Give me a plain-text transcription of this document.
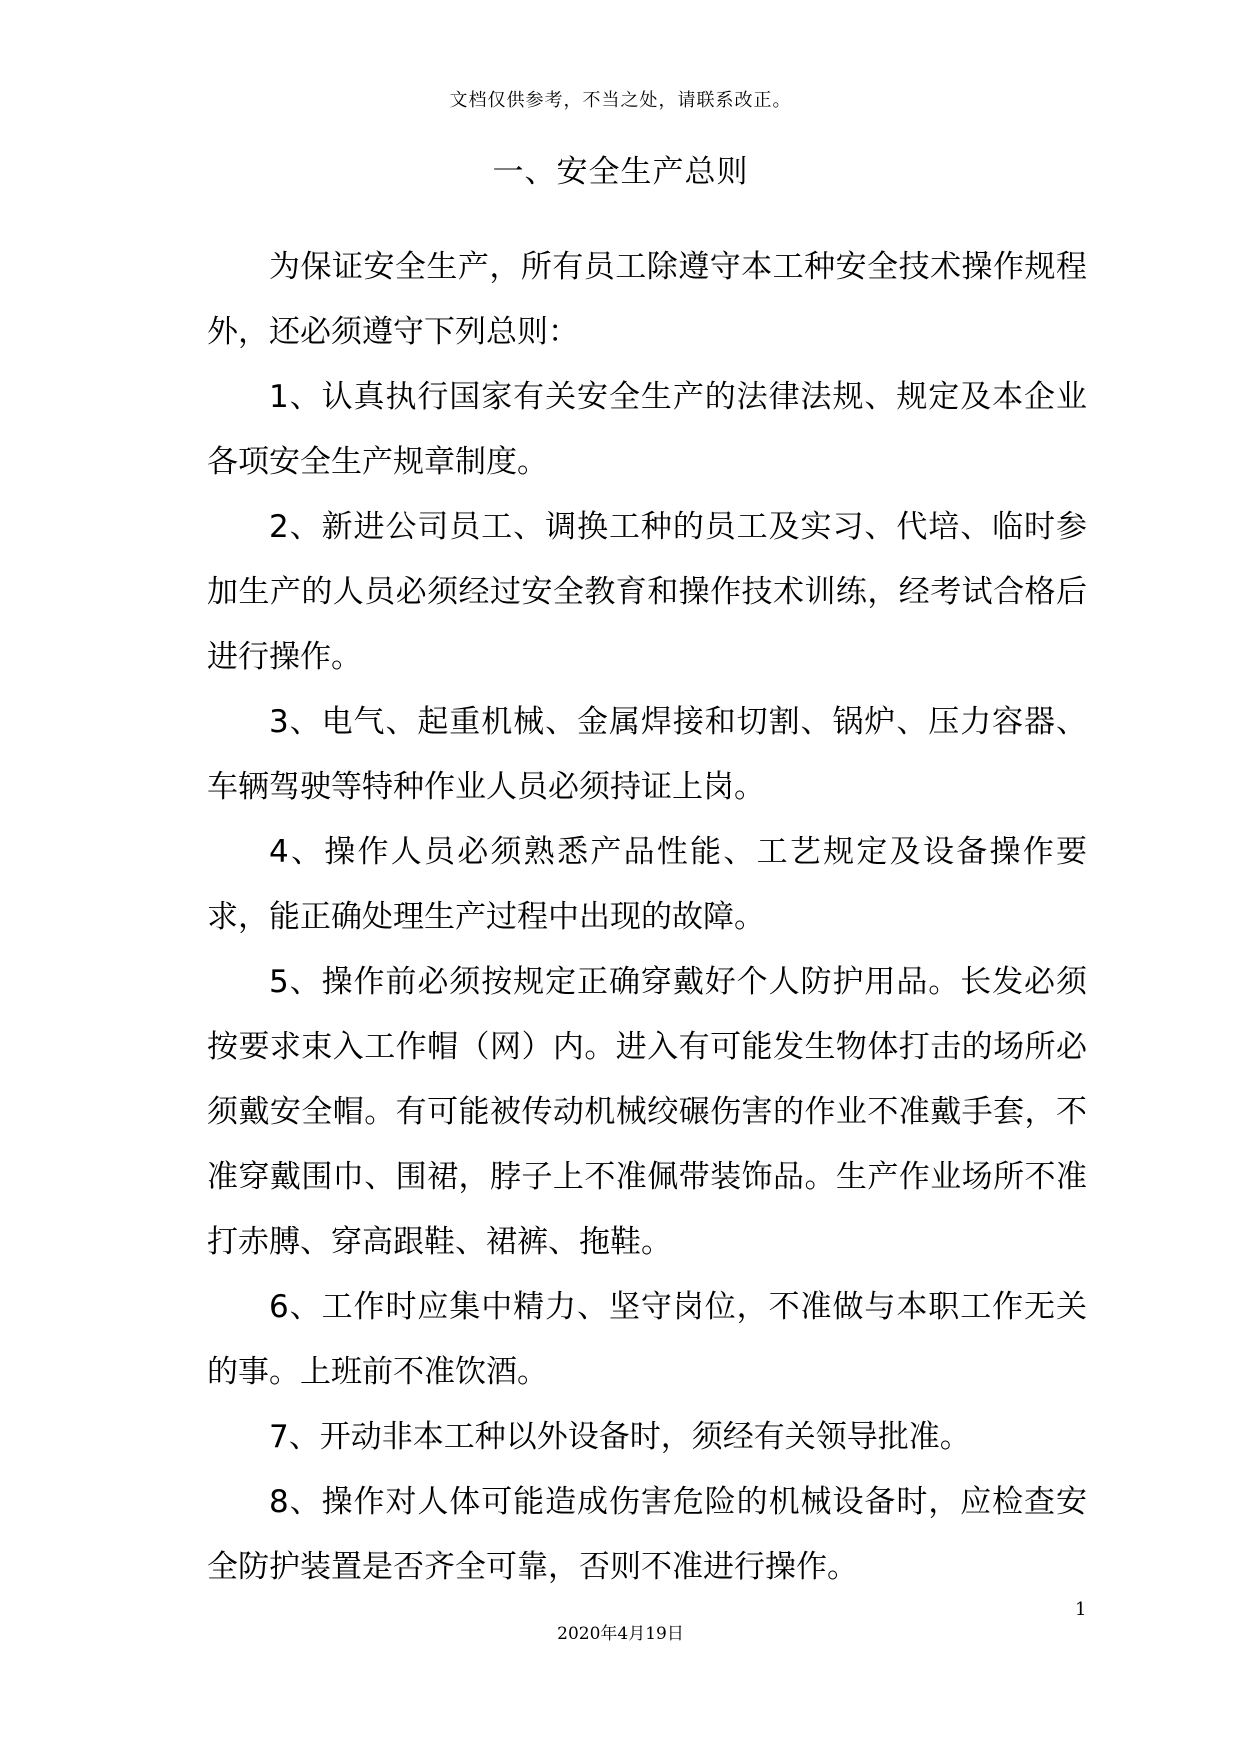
文档仅供参考，不当之处，请联系改正。
一、安全生产总则

为保证安全生产，所有员工除遵守本工种安全技术操作规程外，还必须遵守下列总则：

1、认真执行国家有关安全生产的法律法规、规定及本企业各项安全生产规章制度。

2、新进公司员工、调换工种的员工及实习、代培、临时参加生产的人员必须经过安全教育和操作技术训练，经考试合格后进行操作。

3、电气、起重机械、金属焊接和切割、锅炉、压力容器、车辆驾驶等特种作业人员必须持证上岗。

4、操作人员必须熟悉产品性能、工艺规定及设备操作要求，能正确处理生产过程中出现的故障。

5、操作前必须按规定正确穿戴好个人防护用品。长发必须按要求束入工作帽（网）内。进入有可能发生物体打击的场所必须戴安全帽。有可能被传动机械绞碾伤害的作业不准戴手套，不准穿戴围巾、围裙，脖子上不准佩带装饰品。生产作业场所不准打赤膊、穿高跟鞋、裙裤、拖鞋。

6、工作时应集中精力、坚守岗位，不准做与本职工作无关的事。上班前不准饮酒。

7、开动非本工种以外设备时，须经有关领导批准。

8、操作对人体可能造成伤害危险的机械设备时，应检查安全防护装置是否齐全可靠，否则不准进行操作。

1
2020年4月19日
